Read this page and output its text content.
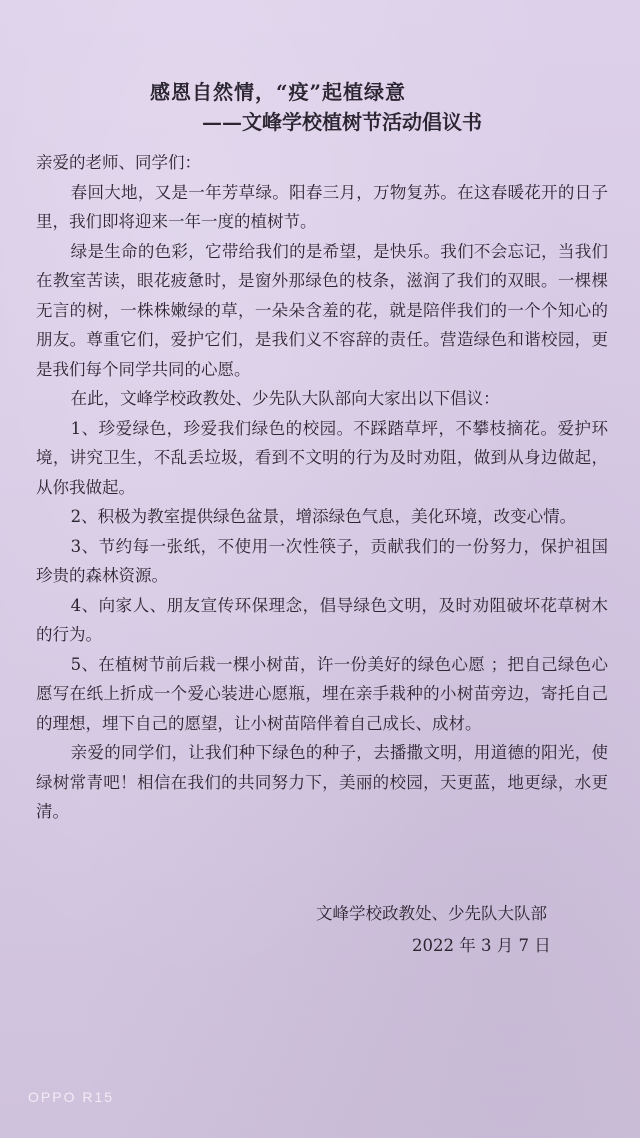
感恩自然情，“疫”起植绿意
——文峰学校植树节活动倡议书

亲爱的老师、同学们：

春回大地，又是一年芳草绿。阳春三月，万物复苏。在这春暖花开的日子里，我们即将迎来一年一度的植树节。

绿是生命的色彩，它带给我们的是希望，是快乐。我们不会忘记，当我们在教室苦读，眼花疲惫时，是窗外那绿色的枝条，滋润了我们的双眼。一棵棵无言的树，一株株嫩绿的草，一朵朵含羞的花，就是陪伴我们的一个个知心的朋友。尊重它们，爱护它们，是我们义不容辞的责任。营造绿色和谐校园，更是我们每个同学共同的心愿。

在此，文峰学校政教处、少先队大队部向大家出以下倡议：

1、珍爱绿色，珍爱我们绿色的校园。不踩踏草坪，不攀枝摘花。爱护环境，讲究卫生，不乱丢垃圾，看到不文明的行为及时劝阻，做到从身边做起，从你我做起。

2、积极为教室提供绿色盆景，增添绿色气息，美化环境，改变心情。

3、节约每一张纸，不使用一次性筷子，贡献我们的一份努力，保护祖国珍贵的森林资源。

4、向家人、朋友宣传环保理念，倡导绿色文明，及时劝阻破坏花草树木的行为。

5、在植树节前后栽一棵小树苗，许一份美好的绿色心愿 ；把自己绿色心愿写在纸上折成一个爱心装进心愿瓶，埋在亲手栽种的小树苗旁边，寄托自己的理想，埋下自己的愿望，让小树苗陪伴着自己成长、成材。

亲爱的同学们，让我们种下绿色的种子，去播撒文明，用道德的阳光，使绿树常青吧！相信在我们的共同努力下，美丽的校园，天更蓝，地更绿，水更清。

文峰学校政教处、少先队大队部
2022 年 3 月 7 日
OPPO R15
